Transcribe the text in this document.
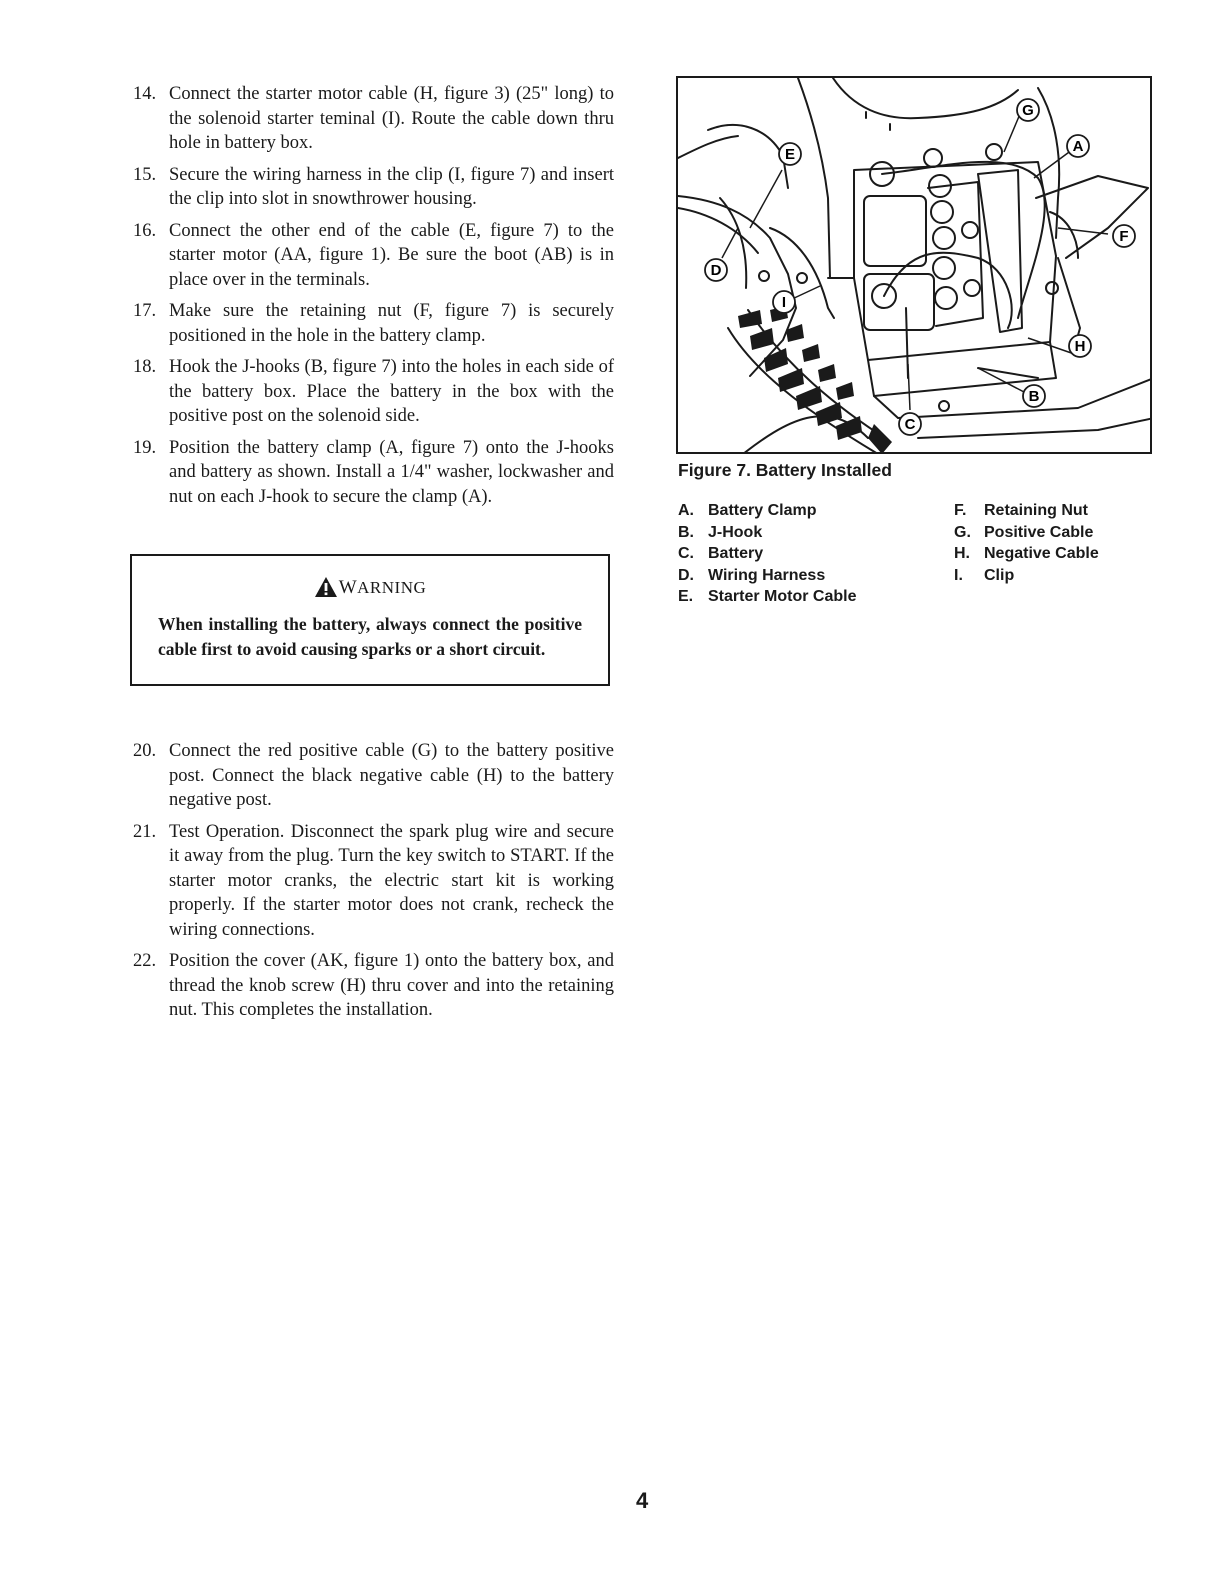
14. Connect the starter motor cable (H, figure 3) (25" long) to the solenoid starter teminal (I). Route the cable down thru hole in battery box.
15. Secure the wiring harness in the clip (I, figure 7) and insert the clip into slot in snowthrower housing.
16. Connect the other end of the cable (E, figure 7) to the starter motor (AA, figure 1). Be sure the boot (AB) is in place over in the terminals.
17. Make sure the retaining nut (F, figure 7) is securely positioned in the hole in the battery clamp.
18. Hook the J-hooks (B, figure 7) into the holes in each side of the battery box. Place the battery in the box with the positive post on the solenoid side.
19. Position the battery clamp (A, figure 7) onto the J-hooks and battery as shown. Install a 1/4" washer, lockwasher and nut on each J-hook to secure the clamp (A).
WARNING
When installing the battery, always connect the positive cable first to avoid causing sparks or a short circuit.
20. Connect the red positive cable (G) to the battery positive post. Connect the black negative cable (H) to the battery negative post.
21. Test Operation. Disconnect the spark plug wire and secure it away from the plug. Turn the key switch to START. If the starter motor cranks, the electric start kit is working properly. If the starter motor does not crank, recheck the wiring connections.
22. Position the cover (AK, figure 1) onto the battery box, and thread the knob screw (H) thru cover and into the retaining nut. This completes the installation.
A
B
C
D
E
F
G
H
I
Figure 7. Battery Installed
A. Battery Clamp
B. J-Hook
C. Battery
D. Wiring Harness
E. Starter Motor Cable
F. Retaining Nut
G. Positive Cable
H. Negative Cable
I. Clip
4
